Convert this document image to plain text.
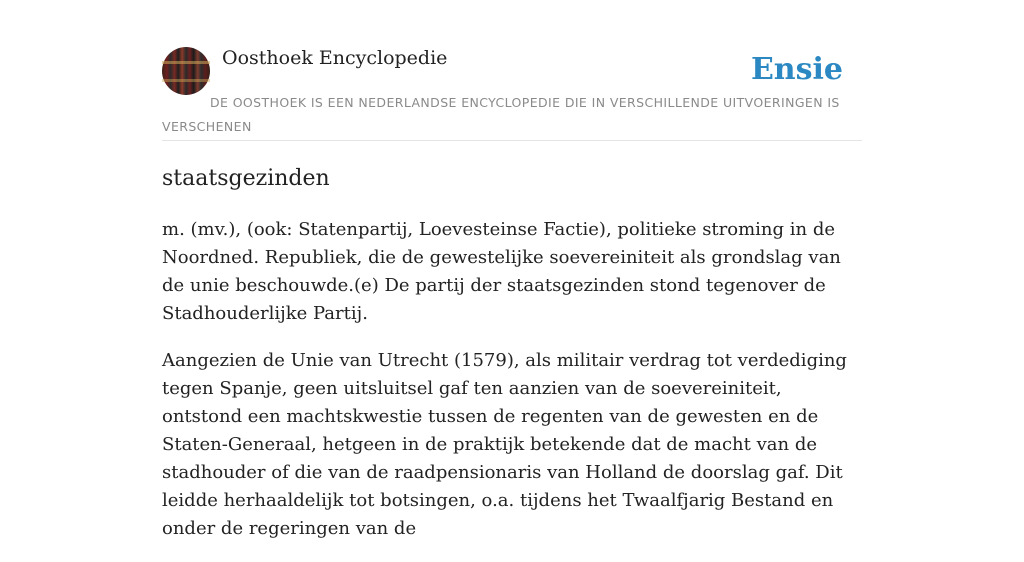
Oosthoek Encyclopedie	Ensie
DE OOSTHOEK IS EEN NEDERLANDSE ENCYCLOPEDIE DIE IN VERSCHILLENDE UITVOERINGEN IS VERSCHENEN
staatsgezinden

m. (mv.), (ook: Statenpartij, Loevesteinse Factie), politieke stroming in de Noordned. Republiek, die de gewestelijke soevereiniteit als grondslag van de unie beschouwde.(e) De partij der staatsgezinden stond tegenover de Stadhouderlijke Partij.

Aangezien de Unie van Utrecht (1579), als militair verdrag tot verdediging tegen Spanje, geen uitsluitsel gaf ten aanzien van de soevereiniteit, ontstond een machtskwestie tussen de regenten van de gewesten en de Staten-Generaal, hetgeen in de praktijk betekende dat de macht van de stadhouder of die van de raadpensionaris van Holland de doorslag gaf. Dit leidde herhaaldelijk tot botsingen, o.a. tijdens het Twaalfjarig Bestand en onder de regeringen van de
